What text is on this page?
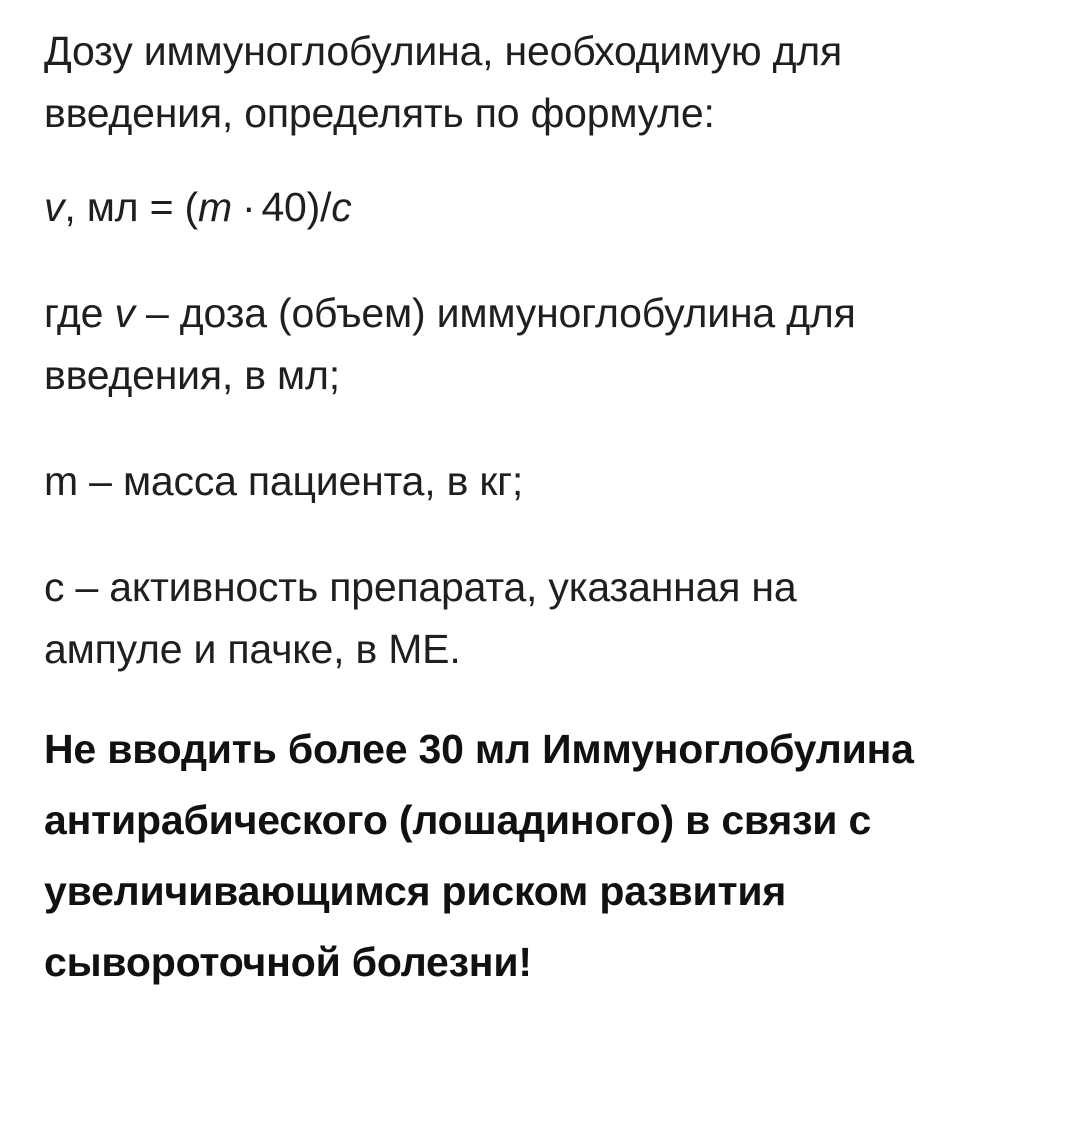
Дозу иммуноглобулина, необходимую для
введения, определять по формуле:

v, мл = (m · 40)/c

где v – доза (объем) иммуноглобулина для
введения, в мл;

m – масса пациента, в кг;

с – активность препарата, указанная на
ампуле и пачке, в МЕ.

Не вводить более 30 мл Иммуноглобулина
антирабического (лошадиного) в связи с
увеличивающимся риском развития
сывороточной болезни!
